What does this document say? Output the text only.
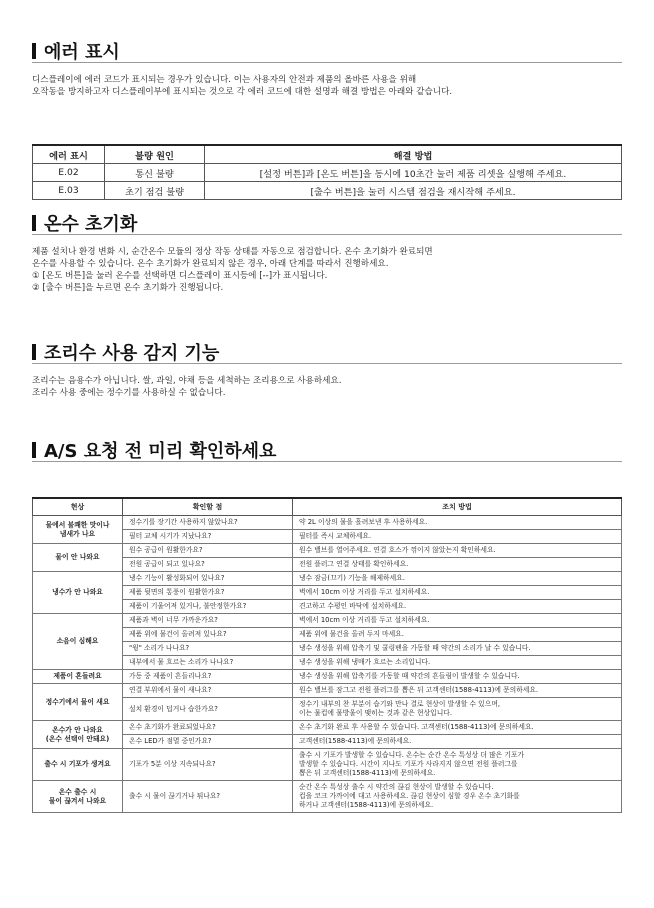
에러 표시
디스플레이에 에러 코드가 표시되는 경우가 있습니다. 이는 사용자의 안전과 제품의 올바른 사용을 위해
오작동을 방지하고자 디스플레이부에 표시되는 것으로 각 에러 코드에 대한 설명과 해결 방법은 아래와 같습니다.
에러 표시	불량 원인	해결 방법
E.02	통신 불량	[설정 버튼]과 [온도 버튼]을 동시에 10초간 눌러 제품 리셋을 실행해 주세요.
E.03	초기 점검 불량	[출수 버튼]을 눌러 시스템 점검을 재시작해 주세요.
온수 초기화
제품 설치나 환경 변화 시, 순간온수 모듈의 정상 작동 상태를 자동으로 점검합니다. 온수 초기화가 완료되면
온수를 사용할 수 있습니다. 온수 초기화가 완료되지 않은 경우, 아래 단계를 따라서 진행하세요.
① [온도 버튼]을 눌러 온수를 선택하면 디스플레이 표시등에 [--]가 표시됩니다.
② [출수 버튼]을 누르면 온수 초기화가 진행됩니다.
조리수 사용 감지 기능
조리수는 음용수가 아닙니다. 쌀, 과일, 야채 등을 세척하는 조리용으로 사용하세요.
조리수 사용 중에는 정수기를 사용하실 수 없습니다.
A/S 요청 전 미리 확인하세요
현상	확인할 점	조치 방법

물에서 불쾌한 맛이나
냄새가 나요	정수기를 장기간 사용하지 않았나요?	약 2L 이상의 물을 흘려보낸 후 사용하세요.

	필터 교체 시기가 지났나요?	필터를 즉시 교체하세요.

물이 안 나와요	원수 공급이 원활한가요?	원수 밸브를 열어주세요. 연결 호스가 꺾이지 않았는지 확인하세요.

	전원 공급이 되고 있나요?	전원 플러그 연결 상태를 확인하세요.

냉수가 안 나와요	냉수 기능이 활성화되어 있나요?	냉수 잠금(끄기) 기능을 해제하세요.

	제품 뒷면의 통풍이 원활한가요?	벽에서 10cm 이상 거리를 두고 설치하세요.

	제품이 기울어져 있거나, 불안정한가요?	견고하고 수평인 바닥에 설치하세요.

소음이 심해요	제품과 벽이 너무 가까운가요?	벽에서 10cm 이상 거리를 두고 설치하세요.

	제품 위에 물건이 올려져 있나요?	제품 위에 물건을 올려 두지 마세요.

	"윙" 소리가 나나요?	냉수 생성을 위해 압축기 및 쿨링팬을 가동할 때 약간의 소리가 날 수 있습니다.

	내부에서 물 흐르는 소리가 나나요?	냉수 생성을 위해 냉매가 흐르는 소리입니다.

제품이 흔들려요	가동 중 제품이 흔들리나요?	냉수 생성을 위해 압축기를 가동할 때 약간의 흔들림이 발생할 수 있습니다.

정수기에서 물이 새요	연결 부위에서 물이 새나요?	원수 밸브를 잠그고 전원 플러그를 뽑은 뒤 고객센터(1588-4113)에 문의하세요.

	설치 환경이 덥거나 습한가요?	정수기 내부의 찬 부분이 습기와 만나 결로 현상이 발생할 수 있으며,
이는 물컵에 물방울이 맺히는 것과 같은 현상입니다.

온수가 안 나와요
(온수 선택이 안돼요)	온수 초기화가 완료되었나요?	온수 초기화 완료 후 사용할 수 있습니다. 고객센터(1588-4113)에 문의하세요.

	온수 LED가 점멸 중인가요?	고객센터(1588-4113)에 문의하세요.

출수 시 기포가 생겨요	기포가 5분 이상 지속되나요?	출수 시 기포가 발생할 수 있습니다. 온수는 순간 온수 특성상 더 많은 기포가
발생할 수 있습니다. 시간이 지나도 기포가 사라지지 않으면 전원 플러그를
뽑은 뒤 고객센터(1588-4113)에 문의하세요.

온수 출수 시
물이 끊겨서 나와요	출수 시 물이 끊기거나 튀나요?	순간 온수 특성상 출수 시 약간의 끊김 현상이 발생할 수 있습니다.
컵을 코크 가까이에 대고 사용하세요. 끊김 현상이 심할 경우 온수 초기화를
하거나 고객센터(1588-4113)에 문의하세요.
